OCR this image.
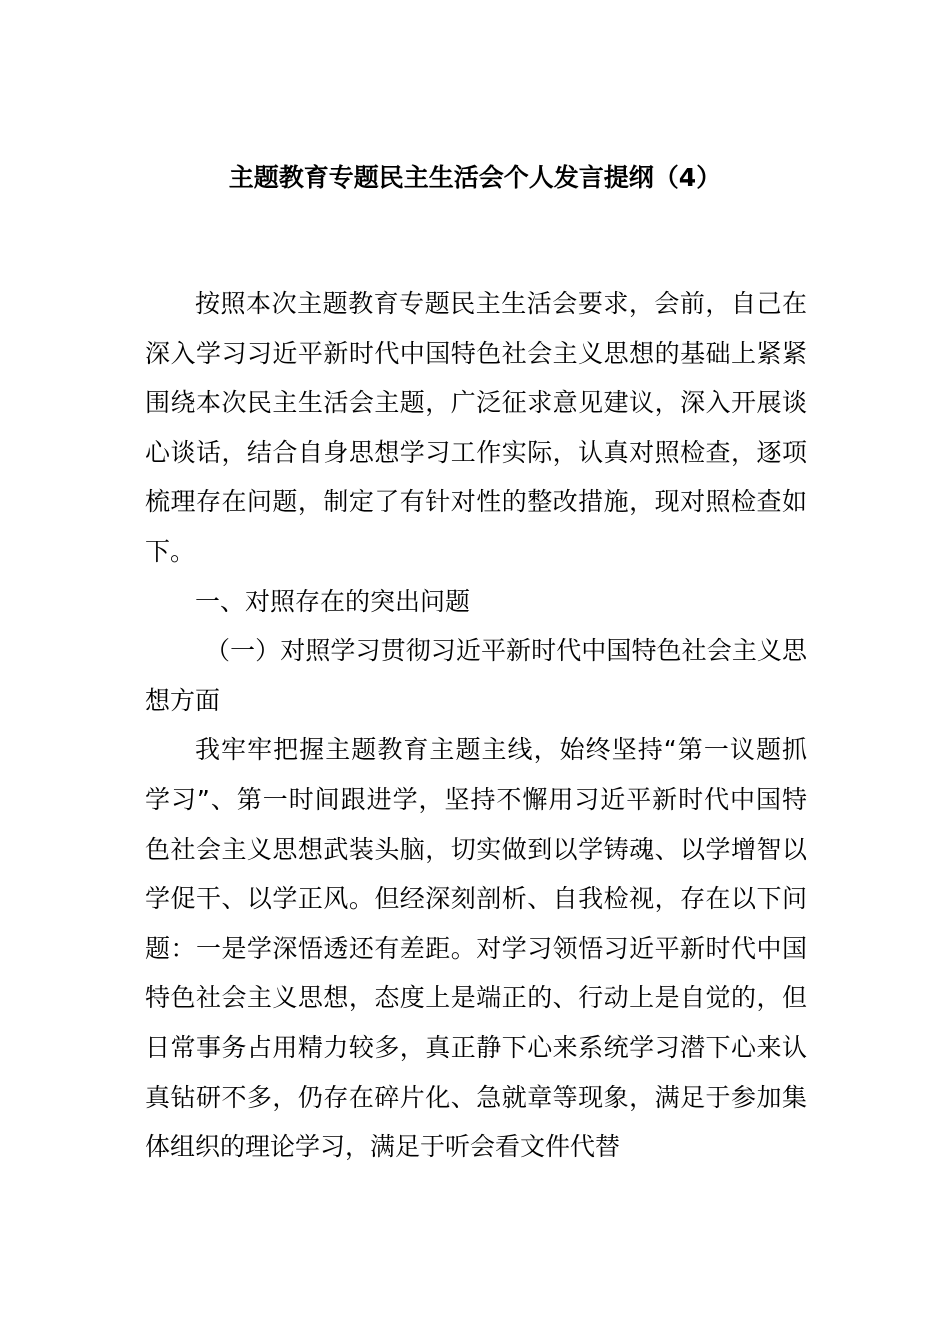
主题教育专题民主生活会个人发言提纲（4）

按照本次主题教育专题民主生活会要求，会前，自己在深入学习习近平新时代中国特色社会主义思想的基础上紧紧围绕本次民主生活会主题，广泛征求意见建议，深入开展谈心谈话，结合自身思想学习工作实际，认真对照检查，逐项梳理存在问题，制定了有针对性的整改措施，现对照检查如下。

一、对照存在的突出问题

（一）对照学习贯彻习近平新时代中国特色社会主义思想方面

我牢牢把握主题教育主题主线，始终坚持“第一议题抓学习”、第一时间跟进学，坚持不懈用习近平新时代中国特色社会主义思想武装头脑，切实做到以学铸魂、以学增智以学促干、以学正风。但经深刻剖析、自我检视，存在以下问题：一是学深悟透还有差距。对学习领悟习近平新时代中国特色社会主义思想，态度上是端正的、行动上是自觉的，但日常事务占用精力较多，真正静下心来系统学习潜下心来认真钻研不多，仍存在碎片化、急就章等现象，满足于参加集体组织的理论学习，满足于听会看文件代替
